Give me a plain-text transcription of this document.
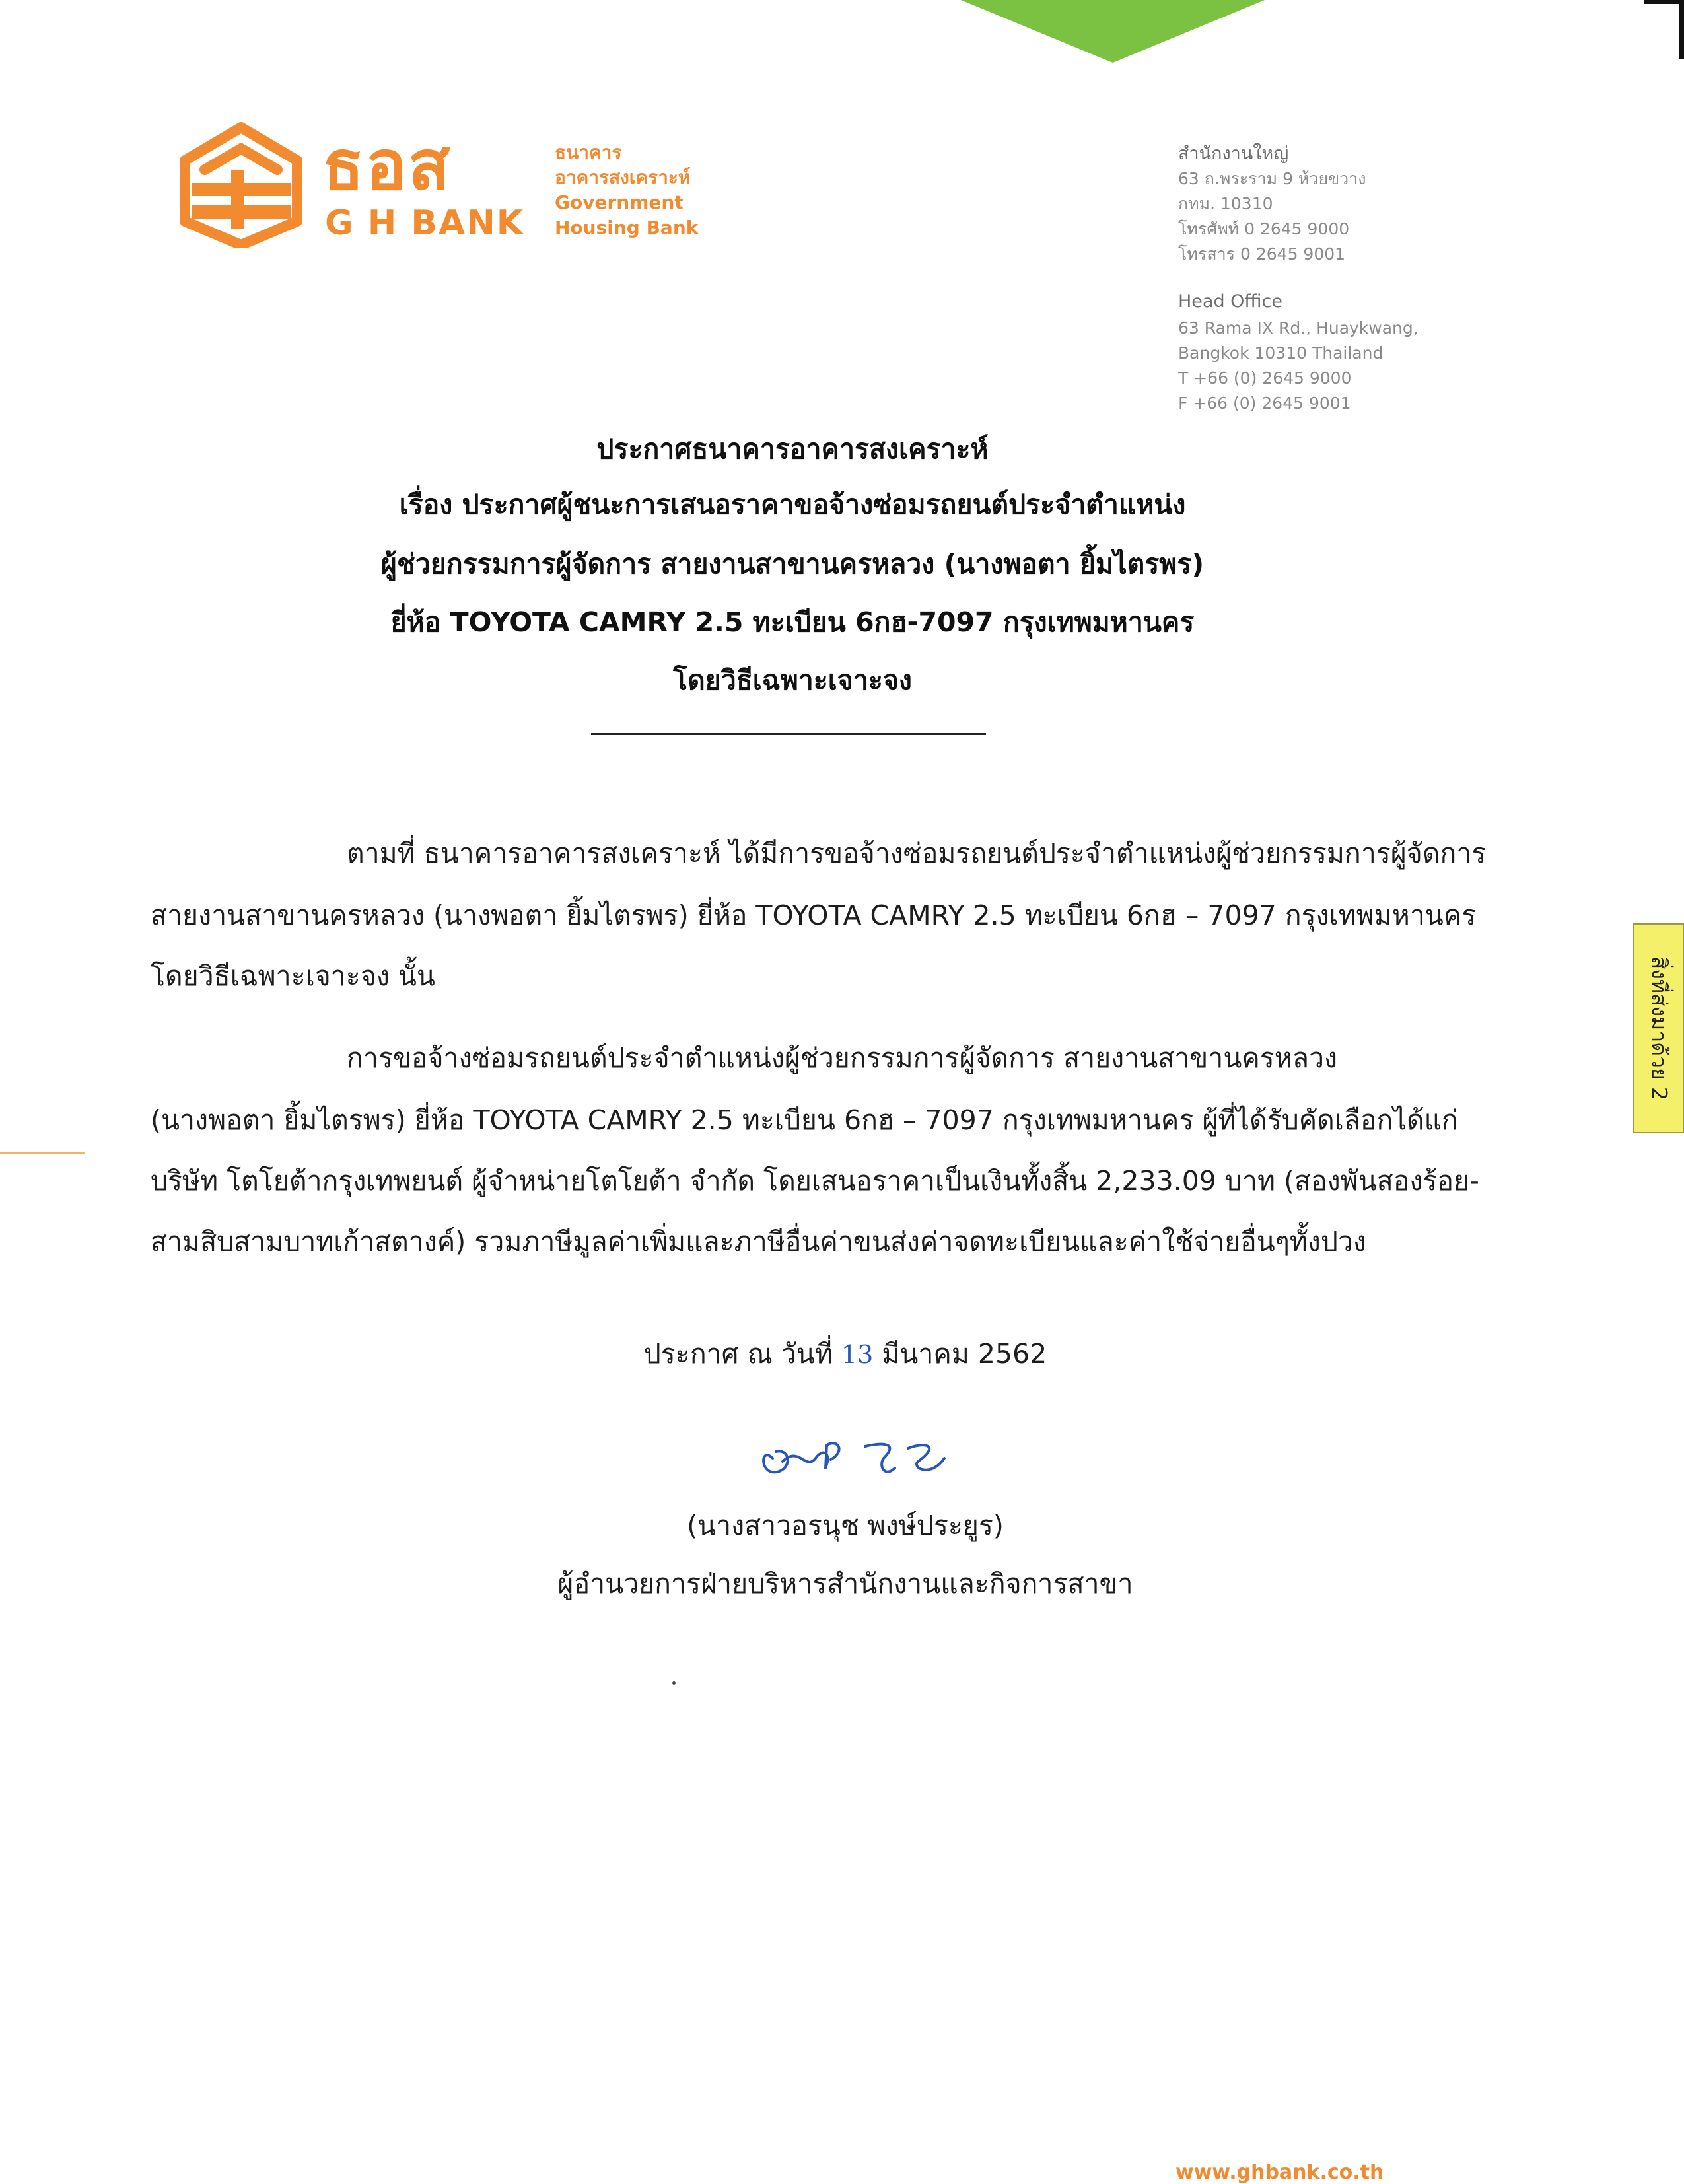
ธอส
G H BANK
ธนาคาร
อาคารสงเคราะห์
Government
Housing Bank
สำนักงานใหญ่
63 ถ.พระราม 9 ห้วยขวาง
กทม. 10310
โทรศัพท์ 0 2645 9000
โทรสาร 0 2645 9001
Head Office
63 Rama IX Rd., Huaykwang,
Bangkok 10310 Thailand
T +66 (0) 2645 9000
F +66 (0) 2645 9001
ประกาศธนาคารอาคารสงเคราะห์
เรื่อง ประกาศผู้ชนะการเสนอราคาขอจ้างซ่อมรถยนต์ประจำตำแหน่ง
ผู้ช่วยกรรมการผู้จัดการ สายงานสาขานครหลวง (นางพอตา ยิ้มไตรพร)
ยี่ห้อ TOYOTA CAMRY 2.5 ทะเบียน 6กฮ-7097 กรุงเทพมหานคร
โดยวิธีเฉพาะเจาะจง
ตามที่ ธนาคารอาคารสงเคราะห์ ได้มีการขอจ้างซ่อมรถยนต์ประจำตำแหน่งผู้ช่วยกรรมการผู้จัดการ
สายงานสาขานครหลวง (นางพอตา ยิ้มไตรพร) ยี่ห้อ TOYOTA CAMRY 2.5 ทะเบียน 6กฮ – 7097 กรุงเทพมหานคร
โดยวิธีเฉพาะเจาะจง นั้น
การขอจ้างซ่อมรถยนต์ประจำตำแหน่งผู้ช่วยกรรมการผู้จัดการ สายงานสาขานครหลวง
(นางพอตา ยิ้มไตรพร) ยี่ห้อ TOYOTA CAMRY 2.5 ทะเบียน 6กฮ – 7097 กรุงเทพมหานคร ผู้ที่ได้รับคัดเลือกได้แก่
บริษัท โตโยต้ากรุงเทพยนต์ ผู้จำหน่ายโตโยต้า จำกัด โดยเสนอราคาเป็นเงินทั้งสิ้น 2,233.09 บาท (สองพันสองร้อย-
สามสิบสามบาทเก้าสตางค์) รวมภาษีมูลค่าเพิ่มและภาษีอื่นค่าขนส่งค่าจดทะเบียนและค่าใช้จ่ายอื่นๆทั้งปวง
ประกาศ ณ วันที่ 13 มีนาคม 2562
(นางสาวอรนุช พงษ์ประยูร)
ผู้อำนวยการฝ่ายบริหารสำนักงานและกิจการสาขา
สิ่งที่ส่งมาด้วย 2
www.ghbank.co.th
